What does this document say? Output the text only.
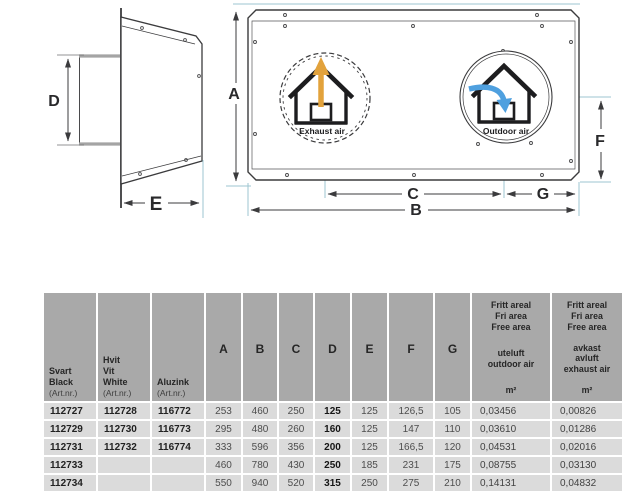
D
E
Exhaust air	Outdoor air
A
C	G
B
F
Svart
Black
(Art.nr.)

Hvit
Vit
White
(Art.nr.)

Aluzink
(Art.nr.)

A	B	C	D	E	F	G

Fritt areal
Fri area
Free area
uteluft
outdoor air
m²

Fritt areal
Fri area
Free area
avkast
avluft
exhaust air
m²

112727	112728	116772	253	460	250	125	125	126,5	105	0,03456	0,00826
112729	112730	116773	295	480	260	160	125	147	110	0,03610	0,01286
112731	112732	116774	333	596	356	200	125	166,5	120	0,04531	0,02016
112733			460	780	430	250	185	231	175	0,08755	0,03130
112734			550	940	520	315	250	275	210	0,14131	0,04832
